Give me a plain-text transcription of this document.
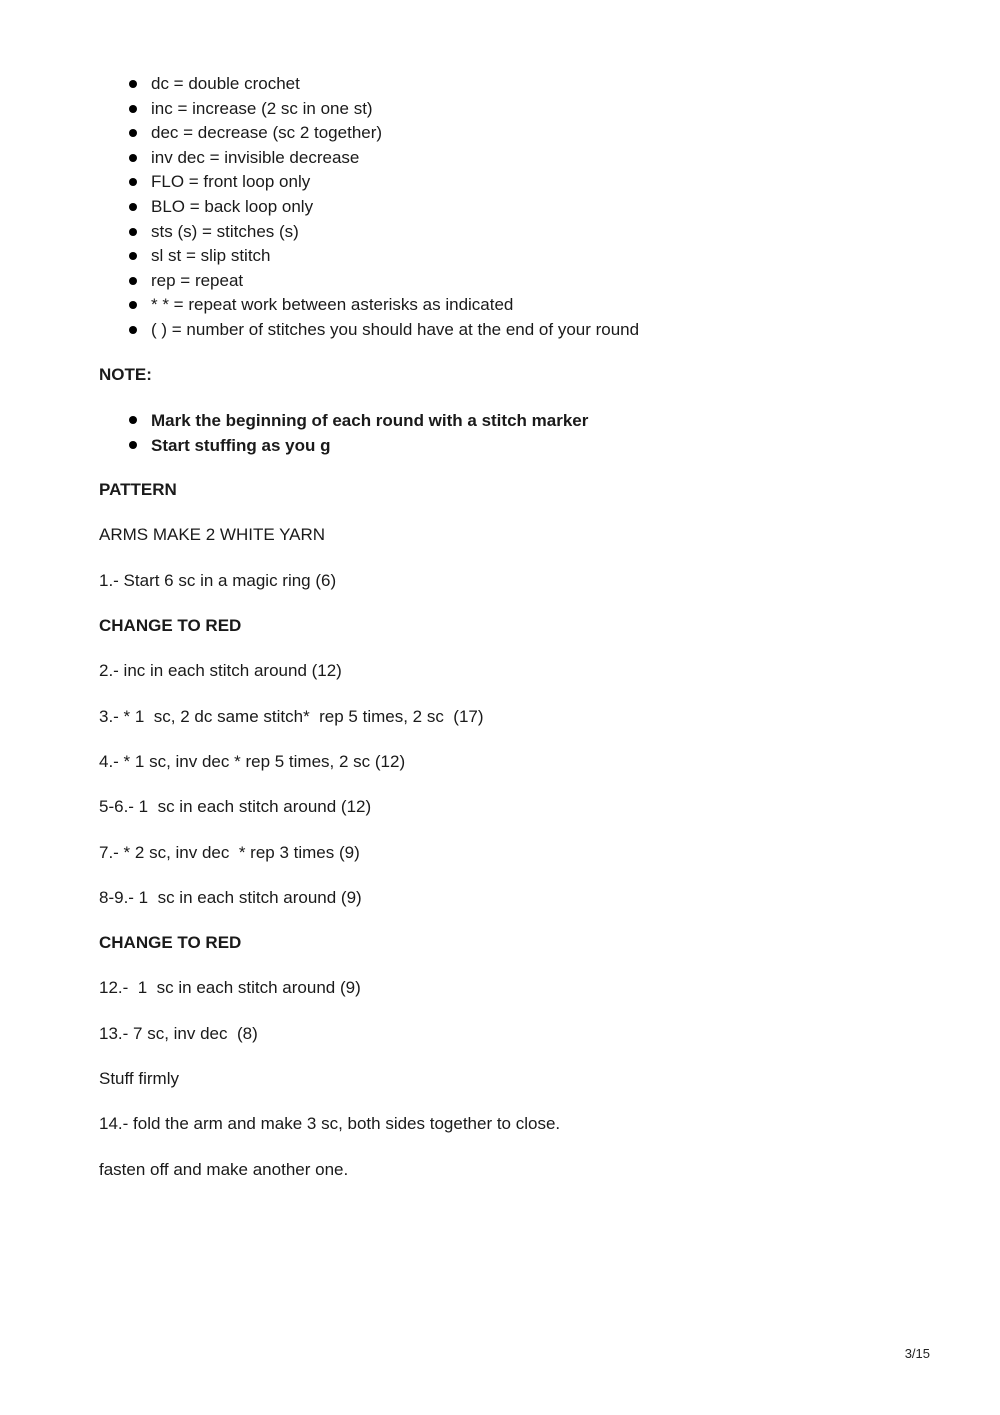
dc = double crochet
inc = increase (2 sc in one st)
dec = decrease (sc 2 together)
inv dec = invisible decrease
FLO = front loop only
BLO = back loop only
sts (s) = stitches (s)
sl st = slip stitch
rep = repeat
* * = repeat work between asterisks as indicated
( ) = number of stitches you should have at the end of your round
NOTE:
Mark the beginning of each round with a stitch marker
Start stuffing as you g
PATTERN
ARMS MAKE 2 WHITE YARN
1.- Start 6 sc in a magic ring (6)
CHANGE TO RED
2.- inc in each stitch around (12)
3.- * 1  sc, 2 dc same stitch*  rep 5 times, 2 sc  (17)
4.- * 1 sc, inv dec * rep 5 times, 2 sc (12)
5-6.- 1  sc in each stitch around (12)
7.- * 2 sc, inv dec  * rep 3 times (9)
8-9.- 1  sc in each stitch around (9)
CHANGE TO RED
12.-  1  sc in each stitch around (9)
13.- 7 sc, inv dec  (8)
Stuff firmly
14.- fold the arm and make 3 sc, both sides together to close.
fasten off and make another one.
3/15
